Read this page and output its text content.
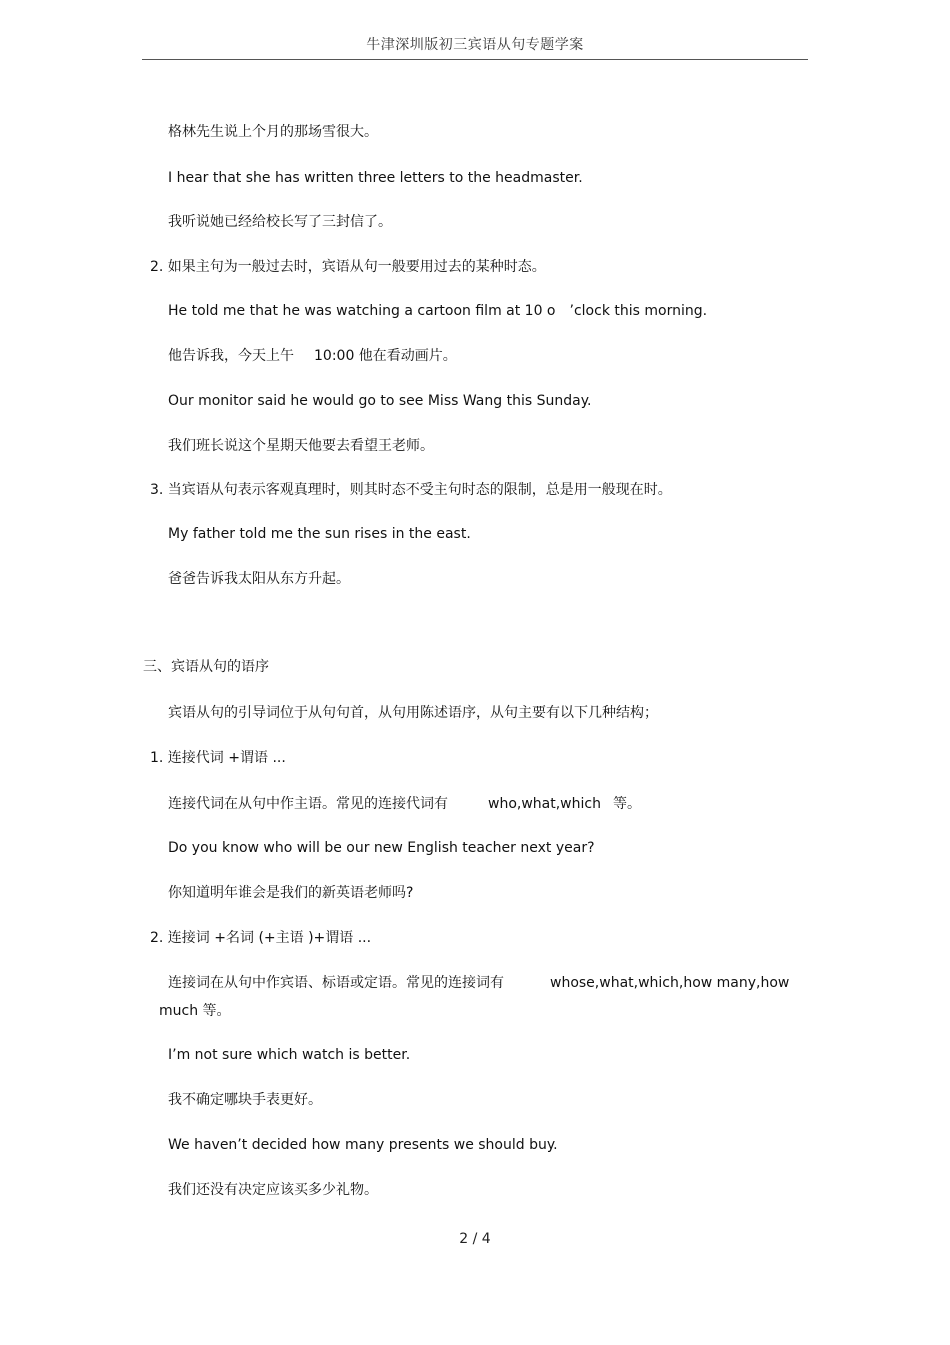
牛津深圳版初三宾语从句专题学案
格林先生说上个月的那场雪很大。
I hear that she has written three letters to the headmaster.
我听说她已经给校长写了三封信了。
2. 如果主句为一般过去时，宾语从句一般要用过去的某种时态。
He told me that he was watching a cartoon film at 10 o ’clock this morning.
他告诉我，今天上午 10:00 他在看动画片。
Our monitor said he would go to see Miss Wang this Sunday.
我们班长说这个星期天他要去看望王老师。
3. 当宾语从句表示客观真理时，则其时态不受主句时态的限制，总是用一般现在时。
My father told me the sun rises in the east.
爸爸告诉我太阳从东方升起。
三、宾语从句的语序
宾语从句的引导词位于从句句首，从句用陈述语序，从句主要有以下几种结构；
1. 连接代词 +谓语 ...
连接代词在从句中作主语。常见的连接代词有	who,what,which 等。
Do you know who will be our new English teacher next year?
你知道明年谁会是我们的新英语老师吗?
2. 连接词 +名词 (+主语 )+谓语 ...
连接词在从句中作宾语、标语或定语。常见的连接词有	whose,what,which,how many,how
much 等。
I’m not sure which watch is better.
我不确定哪块手表更好。
We haven’t decided how many presents we should buy.
我们还没有决定应该买多少礼物。
2 / 4
